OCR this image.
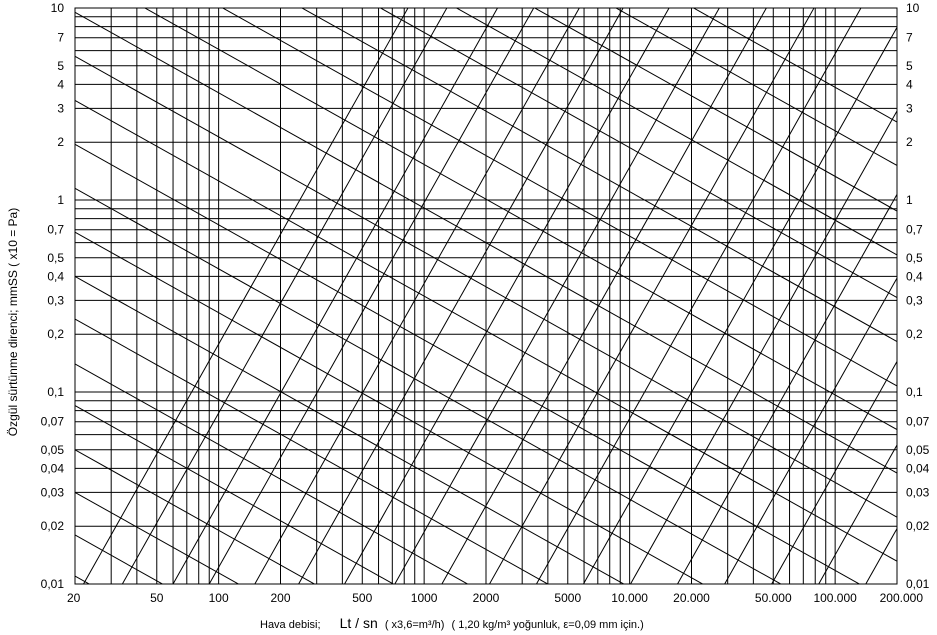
0,01
0,02
0,03
0,04
0,05
0,07
0,1
0,2
0,3
0,4
0,5
0,7
1
2
3
4
5
7
10
0,01
0,02
0,03
0,04
0,05
0,07
0,1
0,2
0,3
0,4
0,5
0,7
1
2
3
4
5
7
10
20	50	100	200	500	1000	2000	5000	10.000 20.000	50.000 100.000 200.000
Özgül sürtünme direnci; mmSS ( x10 = Pa)
Hava debisi; Lt / sn ( x3,6=m³/h) ( 1,20 kg/m³ yoğunluk, ε=0,09 mm için.)
